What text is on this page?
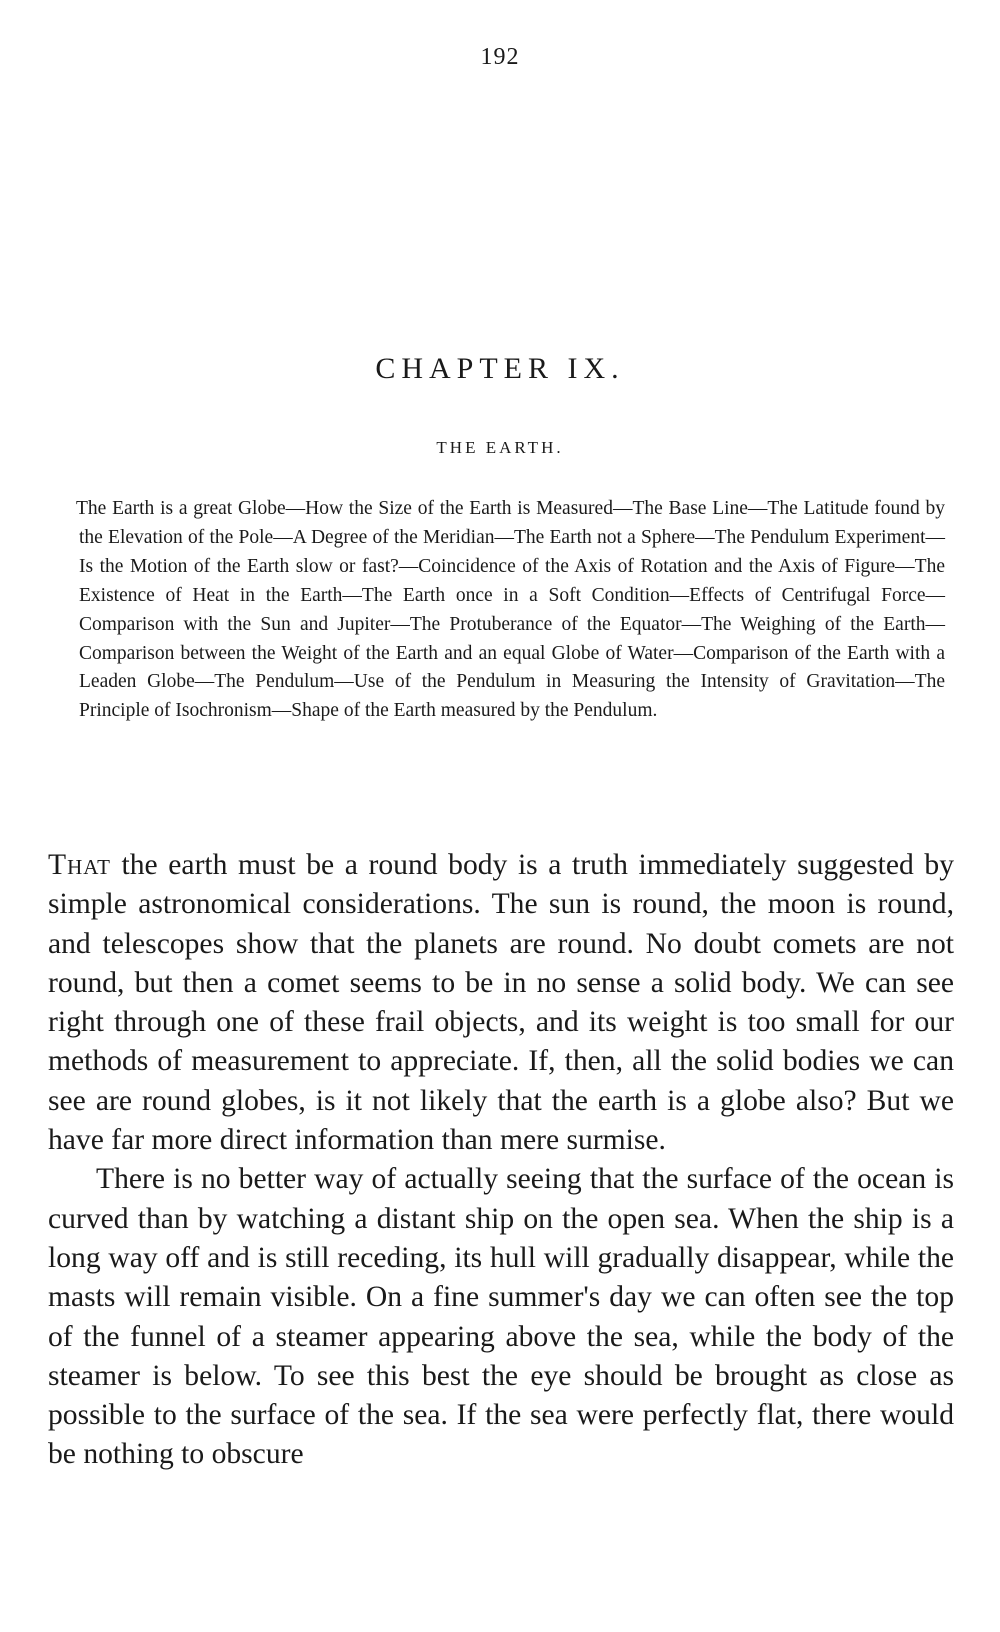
192
CHAPTER IX.
THE EARTH.

The Earth is a great Globe—How the Size of the Earth is Measured—The Base Line—The Latitude found by the Elevation of the Pole—A Degree of the Meridian—The Earth not a Sphere—The Pendulum Experiment—Is the Motion of the Earth slow or fast?—Coincidence of the Axis of Rotation and the Axis of Figure—The Existence of Heat in the Earth—The Earth once in a Soft Condition—Effects of Centrifugal Force—Comparison with the Sun and Jupiter—The Protuberance of the Equator—The Weighing of the Earth—Comparison between the Weight of the Earth and an equal Globe of Water—Comparison of the Earth with a Leaden Globe—The Pendulum—Use of the Pendulum in Measuring the Intensity of Gravitation—The Principle of Isochronism—Shape of the Earth measured by the Pendulum.

That the earth must be a round body is a truth immediately suggested by simple astronomical considerations. The sun is round, the moon is round, and telescopes show that the planets are round. No doubt comets are not round, but then a comet seems to be in no sense a solid body. We can see right through one of these frail objects, and its weight is too small for our methods of measurement to appreciate. If, then, all the solid bodies we can see are round globes, is it not likely that the earth is a globe also? But we have far more direct information than mere surmise.

There is no better way of actually seeing that the surface of the ocean is curved than by watching a distant ship on the open sea. When the ship is a long way off and is still receding, its hull will gradually disappear, while the masts will remain visible. On a fine summer's day we can often see the top of the funnel of a steamer appearing above the sea, while the body of the steamer is below. To see this best the eye should be brought as close as possible to the surface of the sea. If the sea were perfectly flat, there would be nothing to obscure
